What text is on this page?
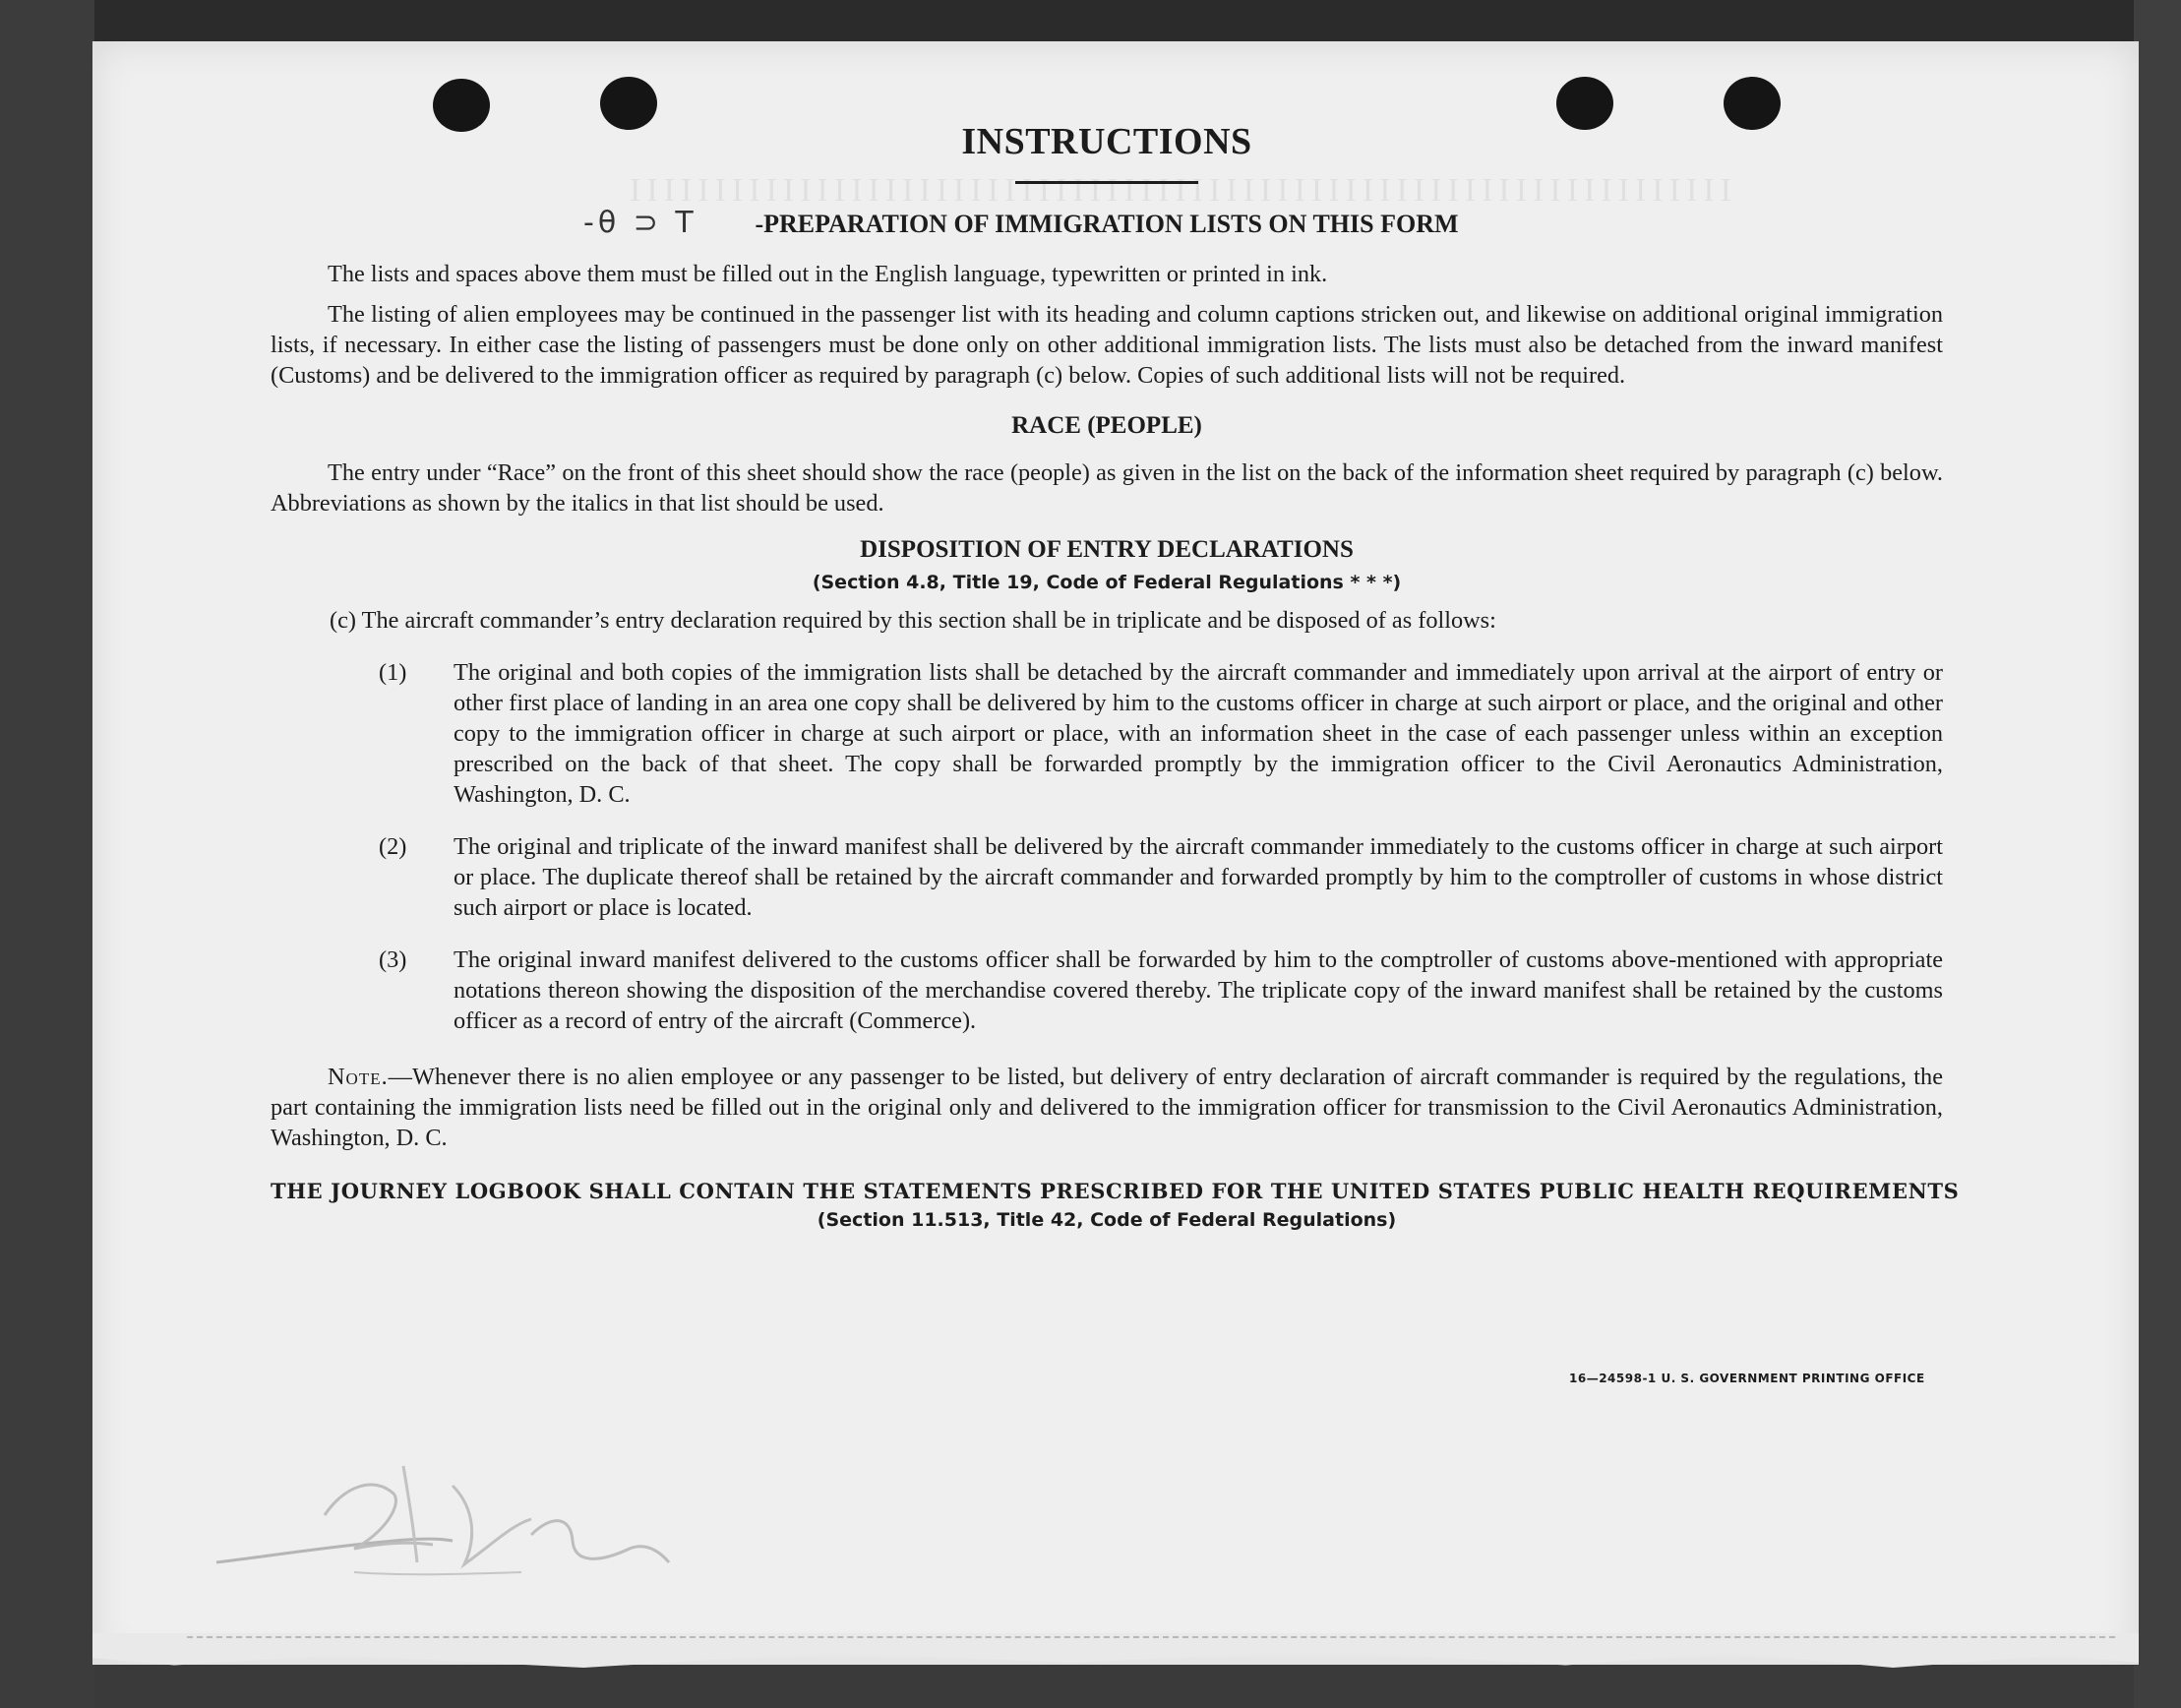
IIIIIIIIIIIIIIIIIIIIIIIIIIIIIIIIIIIIIIIIIIIIIIIIIIIIIIIIIIIIIIIII
INSTRUCTIONS
-θ ⊃ Τ -PREPARATION OF IMMIGRATION LISTS ON THIS FORM

The lists and spaces above them must be filled out in the English language, typewritten or printed in ink.

The listing of alien employees may be continued in the passenger list with its heading and column captions stricken out, and likewise on additional original immigration lists, if necessary. In either case the listing of passengers must be done only on other additional immigration lists. The lists must also be detached from the inward manifest (Customs) and be delivered to the immigration officer as required by paragraph (c) below. Copies of such additional lists will not be required.

RACE (PEOPLE)

The entry under “Race” on the front of this sheet should show the race (people) as given in the list on the back of the information sheet required by paragraph (c) below. Abbreviations as shown by the italics in that list should be used.

DISPOSITION OF ENTRY DECLARATIONS
(Section 4.8, Title 19, Code of Federal Regulations * * *)
(c) The aircraft commander’s entry declaration required by this section shall be in triplicate and be disposed of as follows:
(1) The original and both copies of the immigration lists shall be detached by the aircraft commander and immediately upon arrival at the airport of entry or other first place of landing in an area one copy shall be delivered by him to the customs officer in charge at such airport or place, and the original and other copy to the immigration officer in charge at such airport or place, with an information sheet in the case of each passenger unless within an exception prescribed on the back of that sheet. The copy shall be forwarded promptly by the immigration officer to the Civil Aeronautics Administration, Washington, D. C.
(2) The original and triplicate of the inward manifest shall be delivered by the aircraft commander immediately to the customs officer in charge at such airport or place. The duplicate thereof shall be retained by the aircraft commander and forwarded promptly by him to the comptroller of customs in whose district such airport or place is located.
(3) The original inward manifest delivered to the customs officer shall be forwarded by him to the comptroller of customs above-mentioned with appropriate notations thereon showing the disposition of the merchandise covered thereby. The triplicate copy of the inward manifest shall be retained by the customs officer as a record of entry of the aircraft (Commerce).

Note.—Whenever there is no alien employee or any passenger to be listed, but delivery of entry declaration of aircraft commander is required by the regulations, the part containing the immigration lists need be filled out in the original only and delivered to the immigration officer for transmission to the Civil Aeronautics Administration, Washington, D. C.

THE JOURNEY LOGBOOK SHALL CONTAIN THE STATEMENTS PRESCRIBED FOR THE UNITED STATES PUBLIC HEALTH REQUIREMENTS
(Section 11.513, Title 42, Code of Federal Regulations)
16—24598-1 U. S. GOVERNMENT PRINTING OFFICE
